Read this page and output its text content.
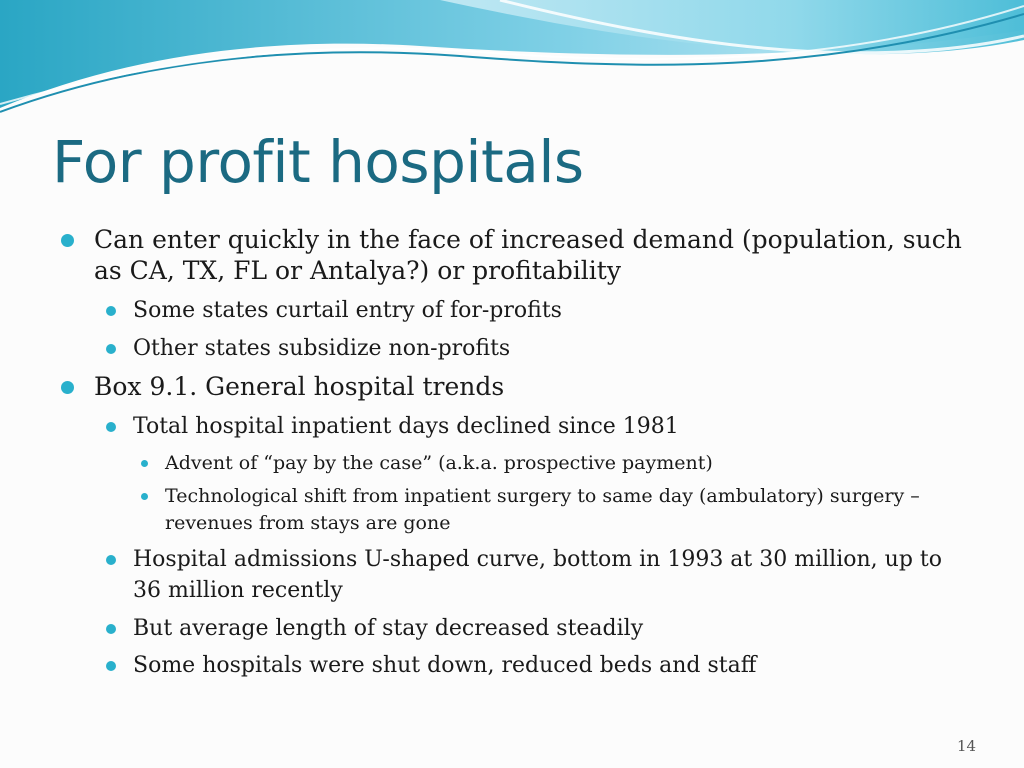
For profit hospitals
Can enter quickly in the face of increased demand (population, such as CA, TX, FL or Antalya?) or profitability
Some states curtail entry of for-profits
Other states subsidize non-profits
Box 9.1. General hospital trends
Total hospital inpatient days declined since 1981
Advent of “pay by the case” (a.k.a. prospective payment)
Technological shift from inpatient surgery to same day (ambulatory) surgery –revenues from stays are gone
Hospital admissions U-shaped curve, bottom in 1993 at 30 million, up to 36 million recently
But average length of stay decreased steadily
Some hospitals were shut down, reduced beds and staff
14
